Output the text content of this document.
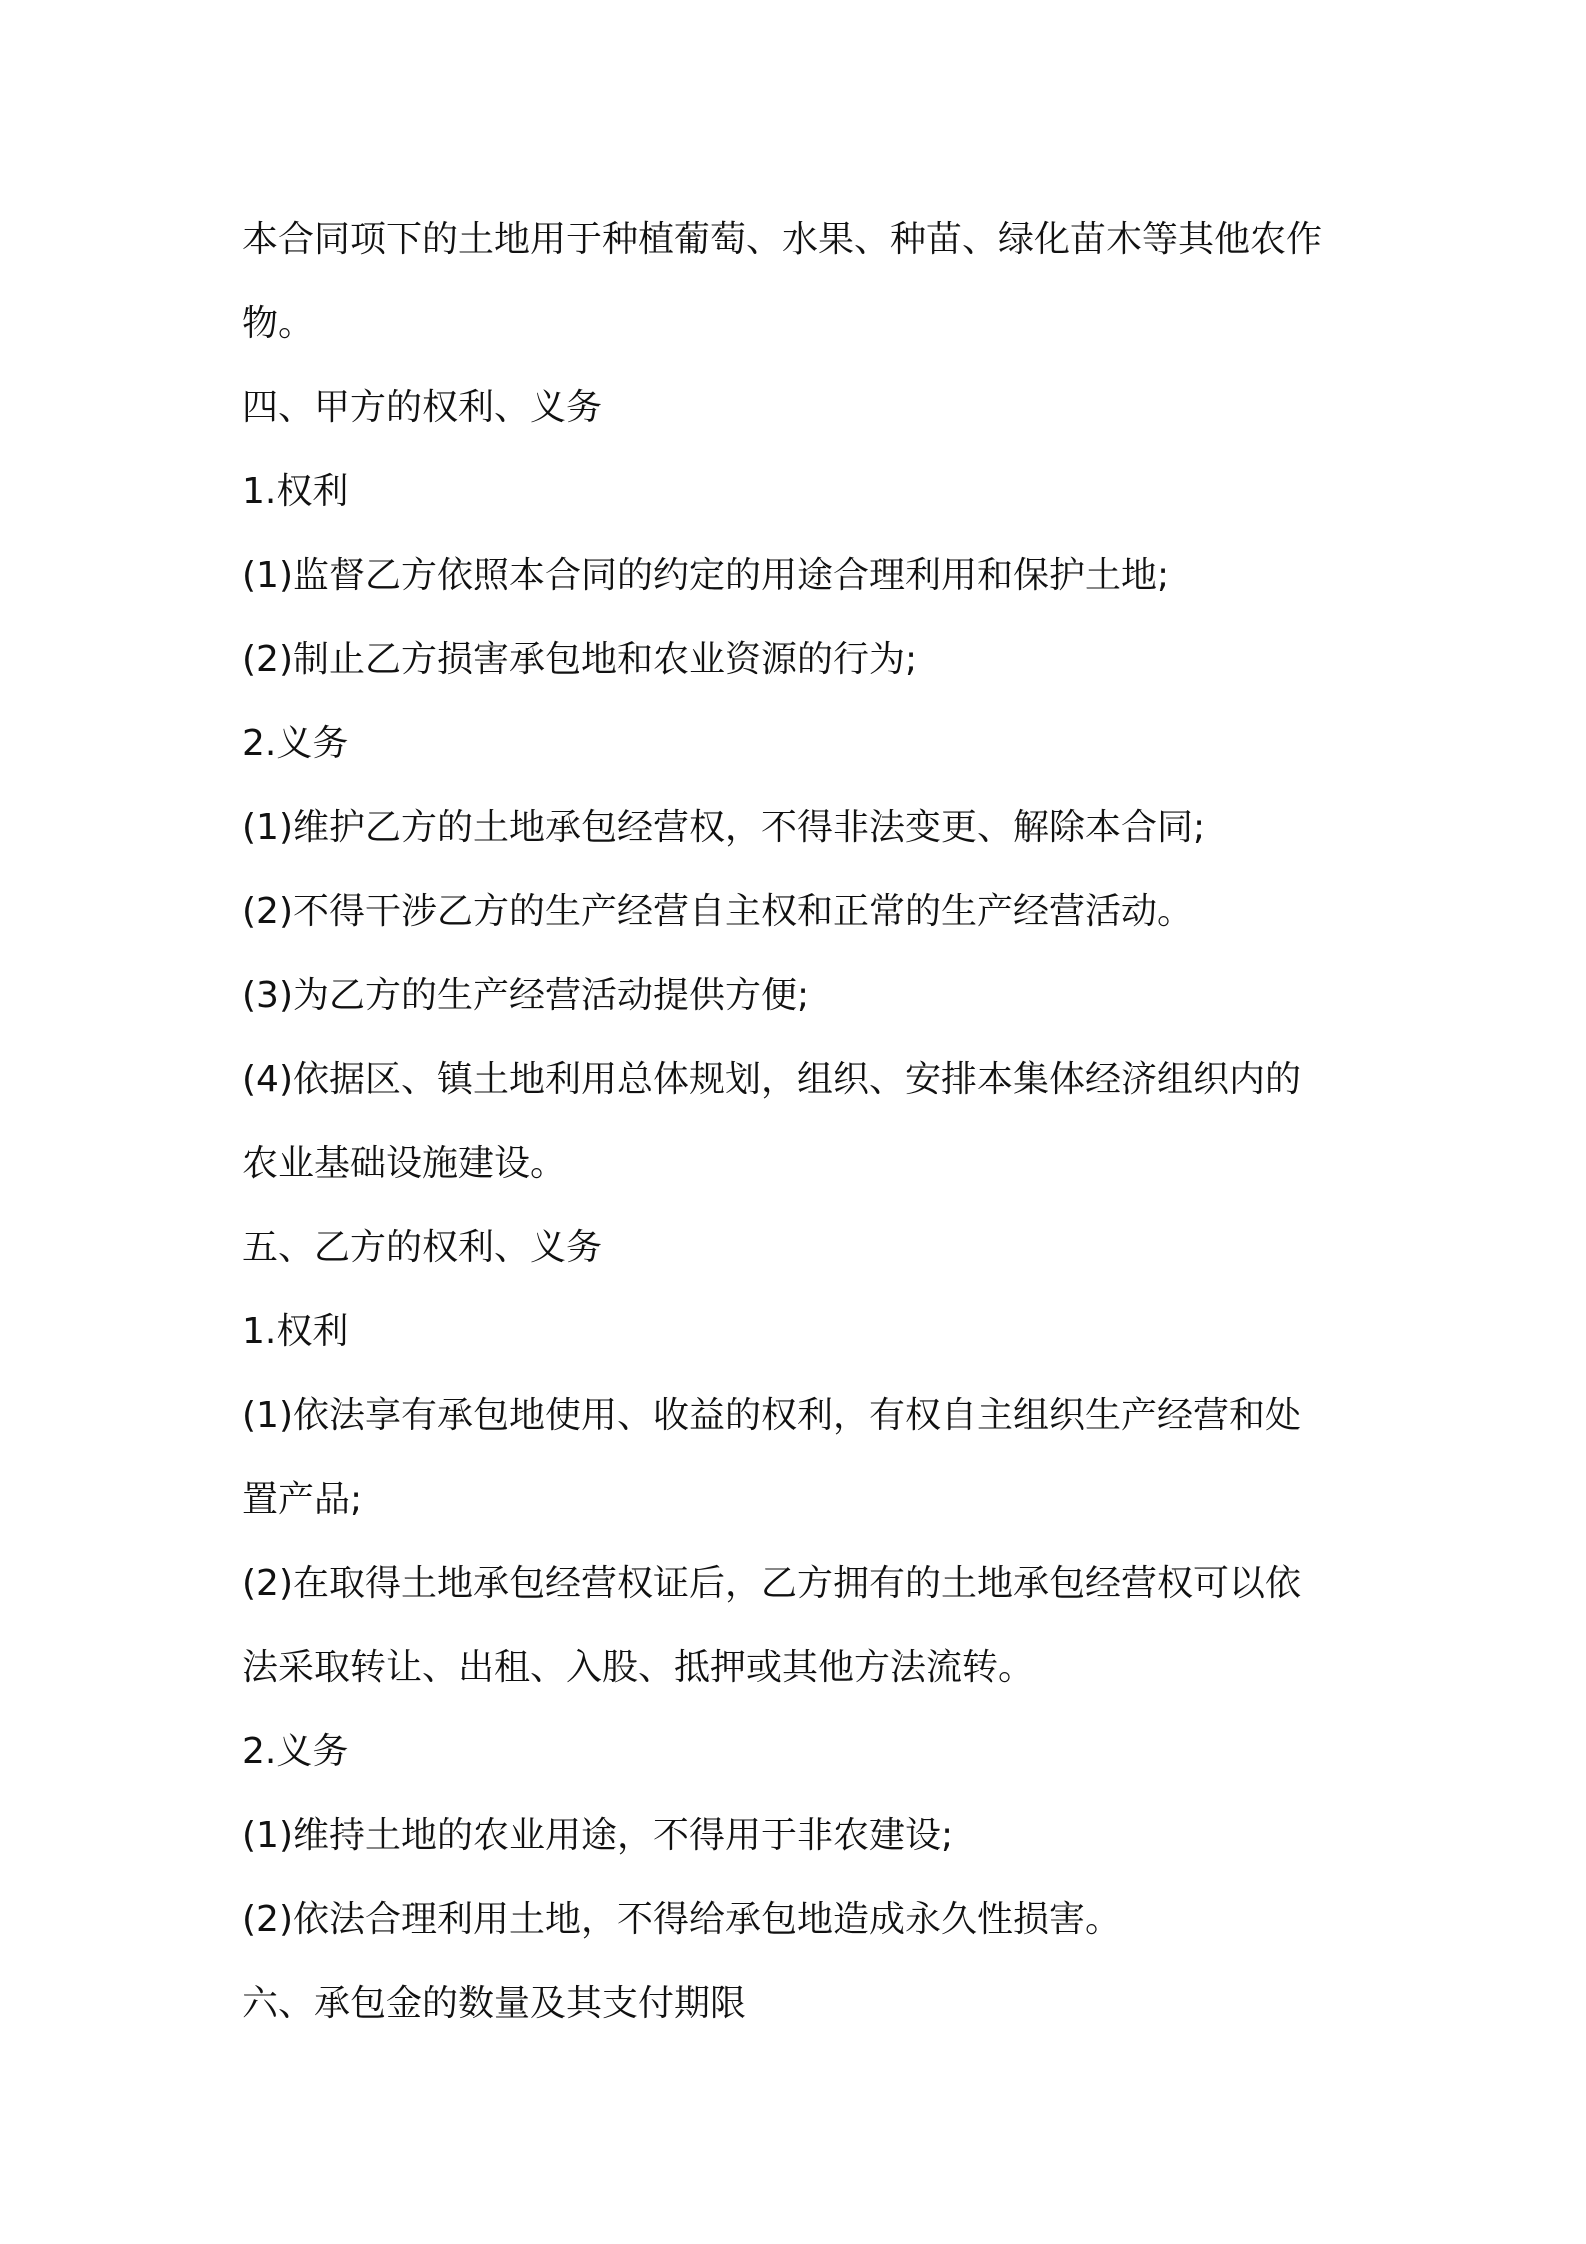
本合同项下的土地用于种植葡萄、水果、种苗、绿化苗木等其他农作
物。
四、甲方的权利、义务
1.权利
(1)监督乙方依照本合同的约定的用途合理利用和保护土地;
(2)制止乙方损害承包地和农业资源的行为;
2.义务
(1)维护乙方的土地承包经营权，不得非法变更、解除本合同;
(2)不得干涉乙方的生产经营自主权和正常的生产经营活动。
(3)为乙方的生产经营活动提供方便;
(4)依据区、镇土地利用总体规划，组织、安排本集体经济组织内的
农业基础设施建设。
五、乙方的权利、义务
1.权利
(1)依法享有承包地使用、收益的权利，有权自主组织生产经营和处
置产品;
(2)在取得土地承包经营权证后，乙方拥有的土地承包经营权可以依
法采取转让、出租、入股、抵押或其他方法流转。
2.义务
(1)维持土地的农业用途，不得用于非农建设;
(2)依法合理利用土地，不得给承包地造成永久性损害。
六、承包金的数量及其支付期限
